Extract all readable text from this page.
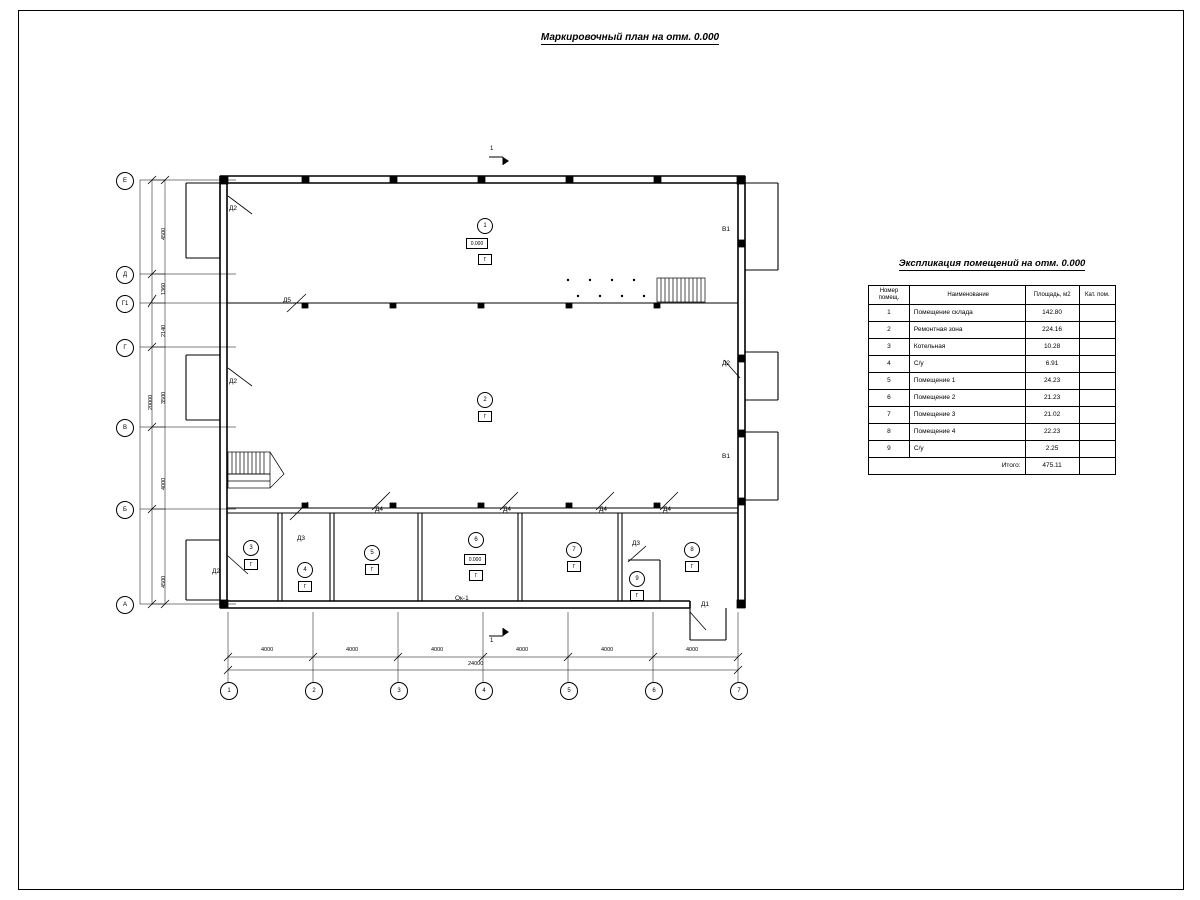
Маркировочный план на отм. 0.000
1
1
Д2
Д2
Д2
Д2
Д5
Д4	Д4	Д4	Д4
Д3
Д3
Д1
В1
В1
Ок-1
1
0.000
Г
2
Г
3
Г
4
Г
5
Г
6
0.000
Г
7
Г
8
Г
9
Г
А
Б
В
Г
Г1
Д
Е
1	2	3	4	5	6	7
4000	4000	4000	4000	4000	4000
24000
4500
4000
3500
2140
1360
4500
20000
Экспликация помещений на отм. 0.000
Номер помещ.	Наименование	Площадь, м2	Кат. пом.
1	Помещение склада	142.80	
2	Ремонтная зона	224.16	
3	Котельная	10.28	
4	С/у	6.91	
5	Помещение 1	24.23	
6	Помещение 2	21.23	
7	Помещение 3	21.02	
8	Помещение 4	22.23	
9	С/у	2.25	
Итого:		475.11	
